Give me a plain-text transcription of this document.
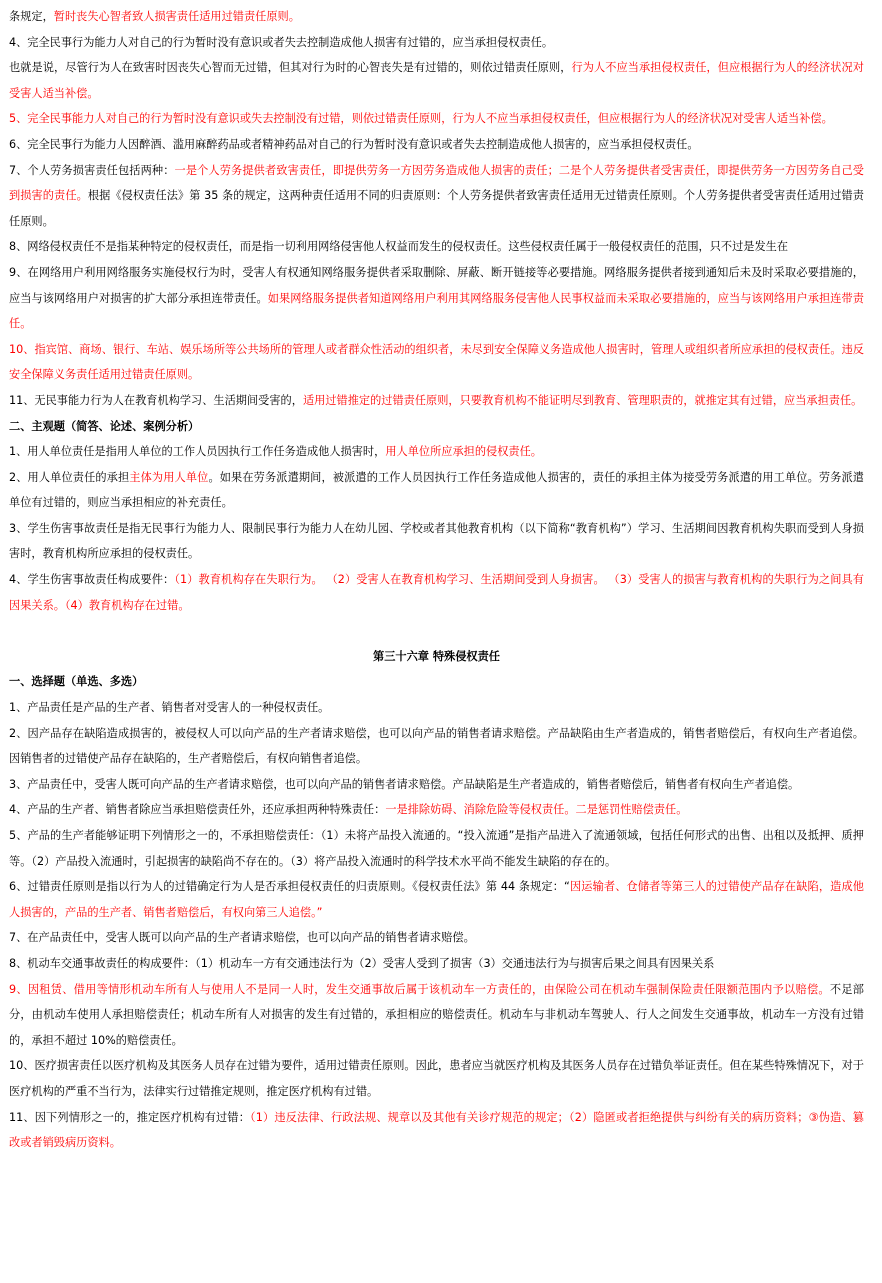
条规定，暂时丧失心智者致人损害责任适用过错责任原则。

4、完全民事行为能力人对自己的行为暂时没有意识或者失去控制造成他人损害有过错的，应当承担侵权责任。

也就是说，尽管行为人在致害时因丧失心智而无过错，但其对行为时的心智丧失是有过错的，则依过错责任原则，行为人不应当承担侵权责任，但应根据行为人的经济状况对受害人适当补偿。

5、完全民事能力人对自己的行为暂时没有意识或失去控制没有过错，则依过错责任原则，行为人不应当承担侵权责任，但应根据行为人的经济状况对受害人适当补偿。

6、完全民事行为能力人因醉酒、滥用麻醉药品或者精神药品对自己的行为暂时没有意识或者失去控制造成他人损害的，应当承担侵权责任。

7、个人劳务损害责任包括两种：一是个人劳务提供者致害责任，即提供劳务一方因劳务造成他人损害的责任；二是个人劳务提供者受害责任，即提供劳务一方因劳务自己受到损害的责任。根据《侵权责任法》第 35 条的规定，这两种责任适用不同的归责原则：个人劳务提供者致害责任适用无过错责任原则。个人劳务提供者受害责任适用过错责任原则。

8、网络侵权责任不是指某种特定的侵权责任，而是指一切利用网络侵害他人权益而发生的侵权责任。这些侵权责任属于一般侵权责任的范围，只不过是发生在

9、在网络用户利用网络服务实施侵权行为时，受害人有权通知网络服务提供者采取删除、屏蔽、断开链接等必要措施。网络服务提供者接到通知后未及时采取必要措施的，应当与该网络用户对损害的扩大部分承担连带责任。如果网络服务提供者知道网络用户利用其网络服务侵害他人民事权益而未采取必要措施的，应当与该网络用户承担连带责任。

10、指宾馆、商场、银行、车站、娱乐场所等公共场所的管理人或者群众性活动的组织者，未尽到安全保障义务造成他人损害时，管理人或组织者所应承担的侵权责任。违反安全保障义务责任适用过错责任原则。

11、无民事能力行为人在教育机构学习、生活期间受害的，适用过错推定的过错责任原则，只要教育机构不能证明尽到教育、管理职责的，就推定其有过错，应当承担责任。

二、主观题（简答、论述、案例分析）

1、用人单位责任是指用人单位的工作人员因执行工作任务造成他人损害时，用人单位所应承担的侵权责任。

2、用人单位责任的承担主体为用人单位。如果在劳务派遣期间，被派遣的工作人员因执行工作任务造成他人损害的，责任的承担主体为接受劳务派遣的用工单位。劳务派遣单位有过错的，则应当承担相应的补充责任。

3、学生伤害事故责任是指无民事行为能力人、限制民事行为能力人在幼儿园、学校或者其他教育机构（以下简称“教育机构”）学习、生活期间因教育机构失职而受到人身损害时，教育机构所应承担的侵权责任。

4、学生伤害事故责任构成要件：（1）教育机构存在失职行为。 （2）受害人在教育机构学习、生活期间受到人身损害。 （3）受害人的损害与教育机构的失职行为之间具有因果关系。（4）教育机构存在过错。

第三十六章 特殊侵权责任

一、选择题（单选、多选）

1、产品责任是产品的生产者、销售者对受害人的一种侵权责任。

2、因产品存在缺陷造成损害的，被侵权人可以向产品的生产者请求赔偿，也可以向产品的销售者请求赔偿。产品缺陷由生产者造成的，销售者赔偿后，有权向生产者追偿。因销售者的过错使产品存在缺陷的，生产者赔偿后，有权向销售者追偿。

3、产品责任中，受害人既可向产品的生产者请求赔偿，也可以向产品的销售者请求赔偿。产品缺陷是生产者造成的，销售者赔偿后，销售者有权向生产者追偿。

4、产品的生产者、销售者除应当承担赔偿责任外，还应承担两种特殊责任：一是排除妨碍、消除危险等侵权责任。二是惩罚性赔偿责任。

5、产品的生产者能够证明下列情形之一的，不承担赔偿责任：（1）未将产品投入流通的。“投入流通”是指产品进入了流通领域，包括任何形式的出售、出租以及抵押、质押等。（2）产品投入流通时，引起损害的缺陷尚不存在的。（3）将产品投入流通时的科学技术水平尚不能发生缺陷的存在的。

6、过错责任原则是指以行为人的过错确定行为人是否承担侵权责任的归责原则。《侵权责任法》第 44 条规定：“因运输者、仓储者等第三人的过错使产品存在缺陷，造成他人损害的，产品的生产者、销售者赔偿后，有权向第三人追偿。”

7、在产品责任中，受害人既可以向产品的生产者请求赔偿，也可以向产品的销售者请求赔偿。

8、机动车交通事故责任的构成要件：（1）机动车一方有交通违法行为（2）受害人受到了损害（3）交通违法行为与损害后果之间具有因果关系

9、因租赁、借用等情形机动车所有人与使用人不是同一人时，发生交通事故后属于该机动车一方责任的，由保险公司在机动车强制保险责任限额范围内予以赔偿。不足部分，由机动车使用人承担赔偿责任；机动车所有人对损害的发生有过错的，承担相应的赔偿责任。机动车与非机动车驾驶人、行人之间发生交通事故，机动车一方没有过错的，承担不超过 10%的赔偿责任。

10、医疗损害责任以医疗机构及其医务人员存在过错为要件，适用过错责任原则。因此，患者应当就医疗机构及其医务人员存在过错负举证责任。但在某些特殊情况下，对于医疗机构的严重不当行为，法律实行过错推定规则，推定医疗机构有过错。

11、因下列情形之一的，推定医疗机构有过错：（1）违反法律、行政法规、规章以及其他有关诊疗规范的规定；（2）隐匿或者拒绝提供与纠纷有关的病历资料；③伪造、篡改或者销毁病历资料。
